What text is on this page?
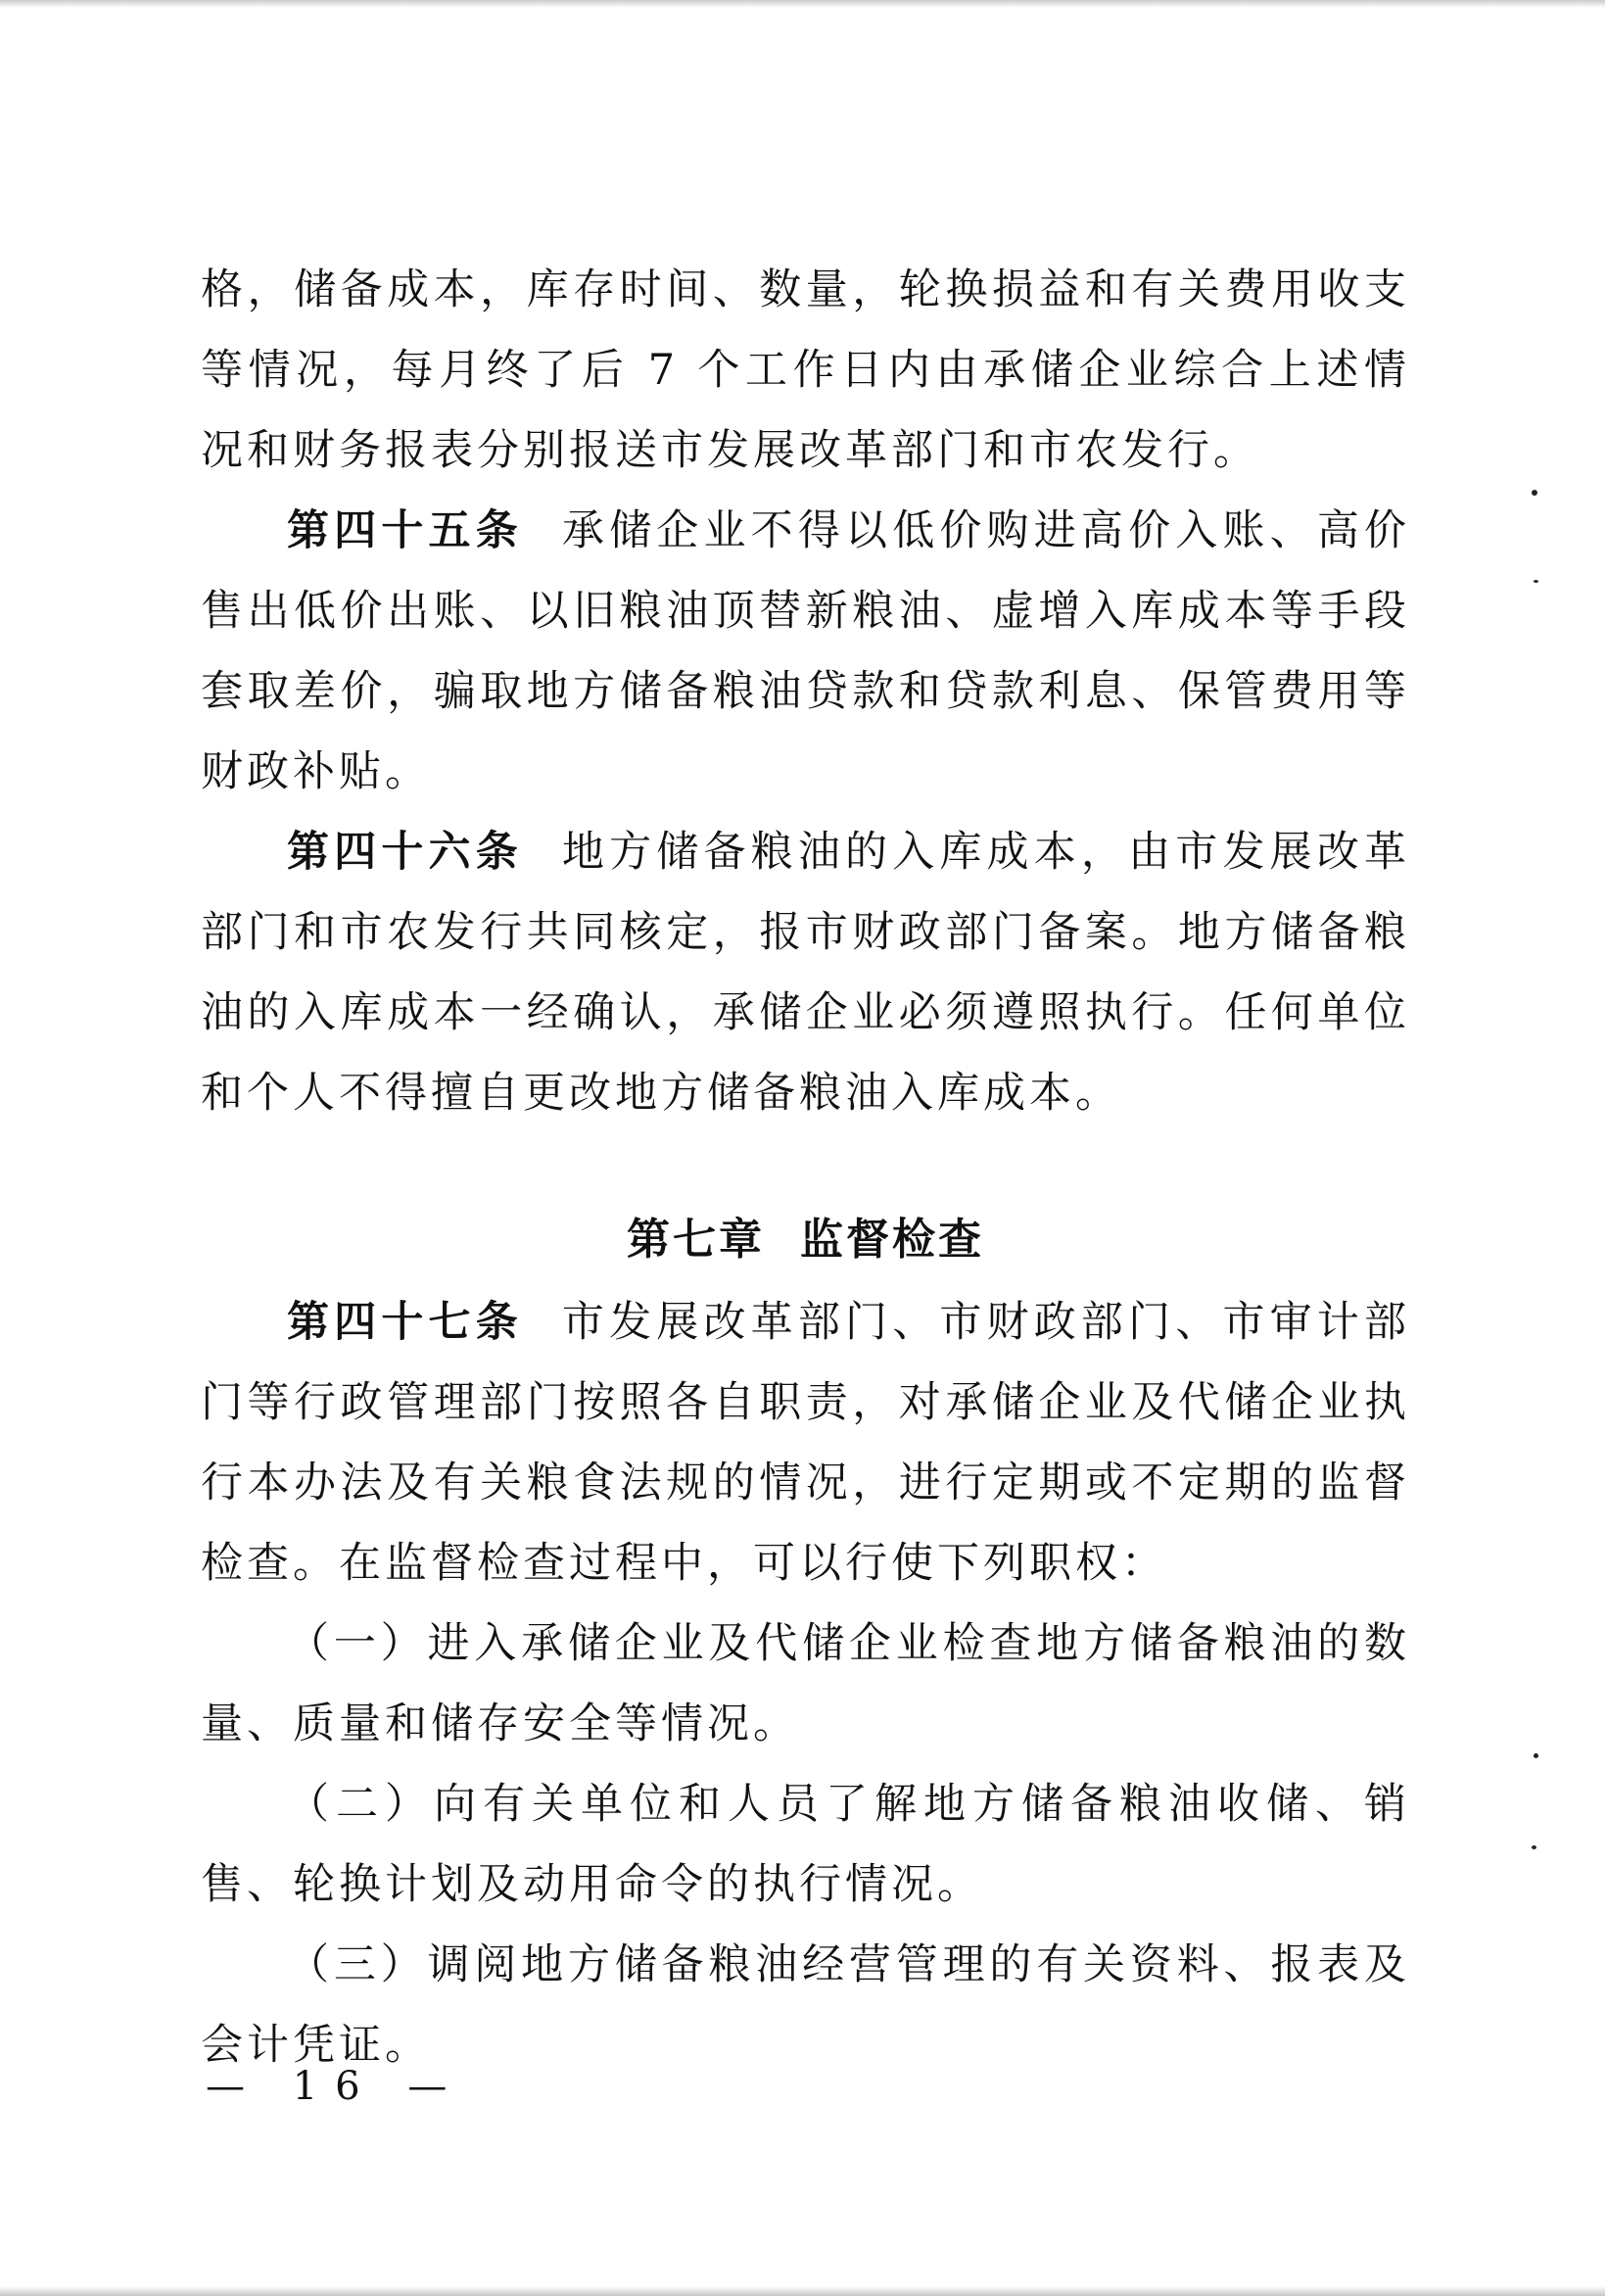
格，储备成本，库存时间、数量，轮换损益和有关费用收支等情况，每月终了后 7 个工作日内由承储企业综合上述情况和财务报表分别报送市发展改革部门和市农发行。

第四十五条 承储企业不得以低价购进高价入账、高价售出低价出账、以旧粮油顶替新粮油、虚增入库成本等手段套取差价，骗取地方储备粮油贷款和贷款利息、保管费用等财政补贴。

第四十六条 地方储备粮油的入库成本，由市发展改革部门和市农发行共同核定，报市财政部门备案。地方储备粮油的入库成本一经确认，承储企业必须遵照执行。任何单位和个人不得擅自更改地方储备粮油入库成本。

第七章 监督检查

第四十七条 市发展改革部门、市财政部门、市审计部门等行政管理部门按照各自职责，对承储企业及代储企业执行本办法及有关粮食法规的情况，进行定期或不定期的监督检查。在监督检查过程中，可以行使下列职权：

（一）进入承储企业及代储企业检查地方储备粮油的数量、质量和储存安全等情况。

（二）向有关单位和人员了解地方储备粮油收储、销售、轮换计划及动用命令的执行情况。

（三）调阅地方储备粮油经营管理的有关资料、报表及会计凭证。

— 16 —
